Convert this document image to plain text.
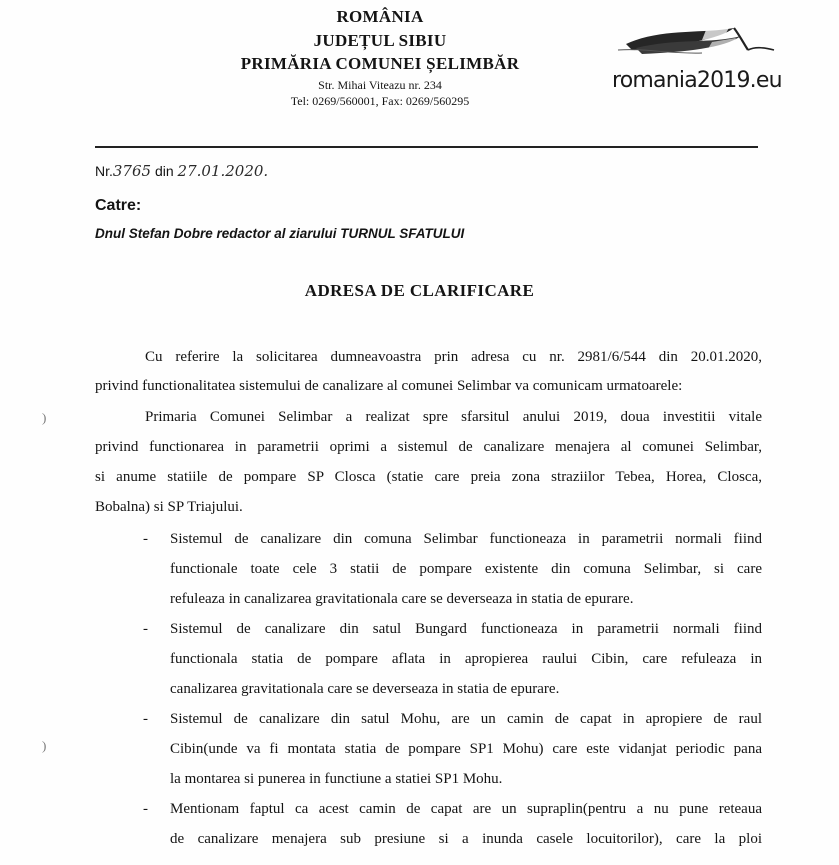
ROMÂNIA

JUDEȚUL SIBIU

PRIMĂRIA COMUNEI ȘELIMBĂR

Str. Mihai Viteazu nr. 234

Tel: 0269/560001, Fax: 0269/560295

romania2019.eu
Nr.3765 din 27.01.2020.
Catre:
Dnul Stefan Dobre redactor al ziarului TURNUL SFATULUI
ADRESA DE CLARIFICARE

Cu referire la solicitarea dumneavoastra prin adresa cu nr. 2981/6/544 din 20.01.2020,

privind functionalitatea sistemului de canalizare al comunei Selimbar va comunicam urmatoarele:

Primaria Comunei Selimbar a realizat spre sfarsitul anului 2019, doua investitii vitale

privind functionarea in parametrii oprimi a sistemul de canalizare menajera al comunei Selimbar,

si anume statiile de pompare SP Closca (statie care preia zona straziilor Tebea, Horea, Closca,

Bobalna) si SP Triajului.

- Sistemul de canalizare din comuna Selimbar functioneaza in parametrii normali fiind

functionale toate cele 3 statii de pompare existente din comuna Selimbar, si care

refuleaza in canalizarea gravitationala care se deverseaza in statia de epurare.

- Sistemul de canalizare din satul Bungard functioneaza in parametrii normali fiind

functionala statia de pompare aflata in apropierea raului Cibin, care refuleaza in

canalizarea gravitationala care se deverseaza in statia de epurare.

- Sistemul de canalizare din satul Mohu, are un camin de capat in apropiere de raul

Cibin(unde va fi montata statia de pompare SP1 Mohu) care este vidanjat periodic pana

la montarea si punerea in functiune a statiei SP1 Mohu.

- Mentionam faptul ca acest camin de capat are un supraplin(pentru a nu pune reteaua

de canalizare menajera sub presiune si a inunda casele locuitorilor), care la ploi

)
)
